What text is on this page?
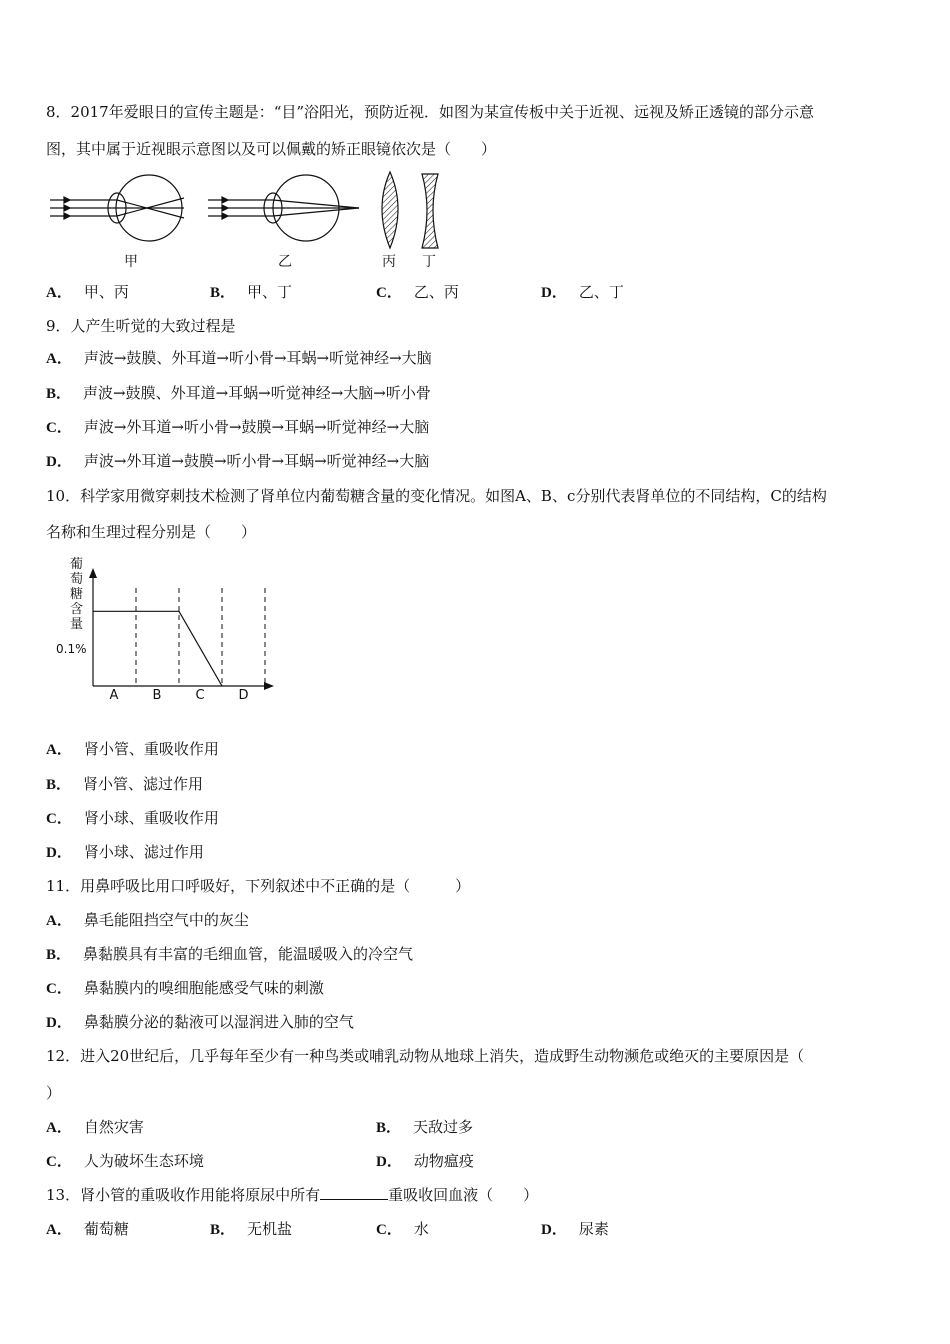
8．2017年爱眼日的宣传主题是：“目”浴阳光，预防近视．如图为某宣传板中关于近视、远视及矫正透镜的部分示意
图，其中属于近视眼示意图以及可以佩戴的矫正眼镜依次是（　　）
甲	乙	丙 丁
A． 甲、丙	B． 甲、丁	C． 乙、丙	D． 乙、丁
9．人产生听觉的大致过程是
A． 声波→鼓膜、外耳道→听小骨→耳蜗→听觉神经→大脑
B． 声波→鼓膜、外耳道→耳蜗→听觉神经→大脑→听小骨
C． 声波→外耳道→听小骨→鼓膜→耳蜗→听觉神经→大脑
D． 声波→外耳道→鼓膜→听小骨→耳蜗→听觉神经→大脑
10．科学家用微穿刺技术检测了肾单位内葡萄糖含量的变化情况。如图A、B、c分别代表肾单位的不同结构，C的结构
名称和生理过程分别是（　　）
葡
萄
糖
含
量
0.1%
A	B	C	D
A． 肾小管、重吸收作用
B． 肾小管、滤过作用
C． 肾小球、重吸收作用
D． 肾小球、滤过作用
11．用鼻呼吸比用口呼吸好，下列叙述中不正确的是（　　　）
A． 鼻毛能阻挡空气中的灰尘
B． 鼻黏膜具有丰富的毛细血管，能温暖吸入的冷空气
C． 鼻黏膜内的嗅细胞能感受气味的刺激
D． 鼻黏膜分泌的黏液可以湿润进入肺的空气
12．进入20世纪后，几乎每年至少有一种鸟类或哺乳动物从地球上消失，造成野生动物濒危或绝灭的主要原因是（
）
A． 自然灾害	B． 天敌过多
C． 人为破坏生态环境	D． 动物瘟疫
13．肾小管的重吸收作用能将原尿中所有	重吸收回血液（　　）
A． 葡萄糖	B． 无机盐	C． 水	D． 尿素
